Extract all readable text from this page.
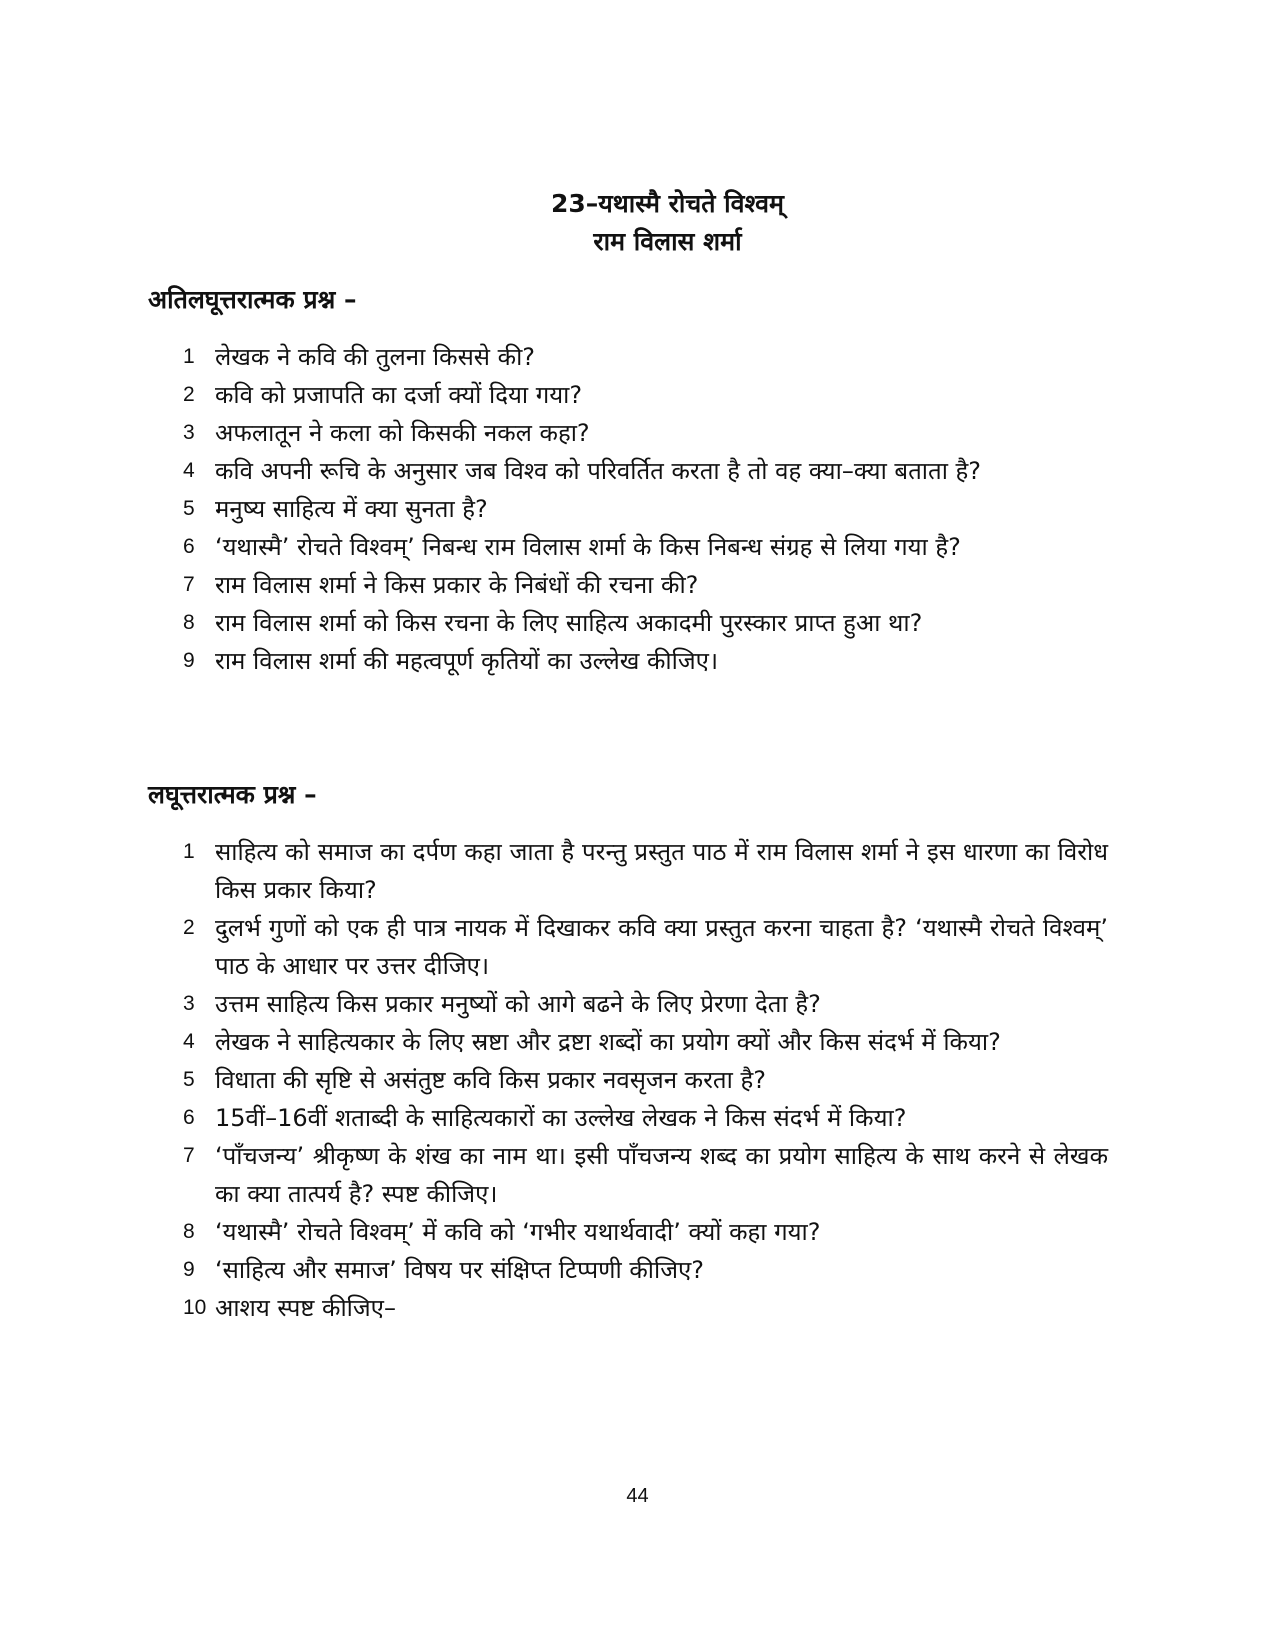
23–यथास्मै रोचते विश्वम्
राम विलास शर्मा
अतिलघूत्तरात्मक प्रश्न –
1 लेखक ने कवि की तुलना किससे की?
2 कवि को प्रजापति का दर्जा क्यों दिया गया?
3 अफलातून ने कला को किसकी नकल कहा?
4 कवि अपनी रूचि के अनुसार जब विश्व को परिवर्तित करता है तो वह क्या–क्या बताता है?
5 मनुष्य साहित्य में क्या सुनता है?
6 ‘यथास्मै’ रोचते विश्वम्’ निबन्ध राम विलास शर्मा के किस निबन्ध संग्रह से लिया गया है?
7 राम विलास शर्मा ने किस प्रकार के निबंधों की रचना की?
8 राम विलास शर्मा को किस रचना के लिए साहित्य अकादमी पुरस्कार प्राप्त हुआ था?
9 राम विलास शर्मा की महत्वपूर्ण कृतियों का उल्लेख कीजिए।
लघूत्तरात्मक प्रश्न –
1 साहित्य को समाज का दर्पण कहा जाता है परन्तु प्रस्तुत पाठ में राम विलास शर्मा ने इस धारणा का विरोध किस प्रकार किया?
2 दुलर्भ गुणों को एक ही पात्र नायक में दिखाकर कवि क्या प्रस्तुत करना चाहता है? ‘यथास्मै रोचते विश्वम्’ पाठ के आधार पर उत्तर दीजिए।
3 उत्तम साहित्य किस प्रकार मनुष्यों को आगे बढने के लिए प्रेरणा देता है?
4 लेखक ने साहित्यकार के लिए स्रष्टा और द्रष्टा शब्दों का प्रयोग क्यों और किस संदर्भ में किया?
5 विधाता की सृष्टि से असंतुष्ट कवि किस प्रकार नवसृजन करता है?
6 15वीं–16वीं शताब्दी के साहित्यकारों का उल्लेख लेखक ने किस संदर्भ में किया?
7 ‘पाँचजन्य’ श्रीकृष्ण के शंख का नाम था। इसी पाँचजन्य शब्द का प्रयोग साहित्य के साथ करने से लेखक का क्या तात्पर्य है? स्पष्ट कीजिए।
8 ‘यथास्मै’ रोचते विश्वम्’ में कवि को ‘गभीर यथार्थवादी’ क्यों कहा गया?
9 ‘साहित्य और समाज’ विषय पर संक्षिप्त टिप्पणी कीजिए?
10 आशय स्पष्ट कीजिए–
44
